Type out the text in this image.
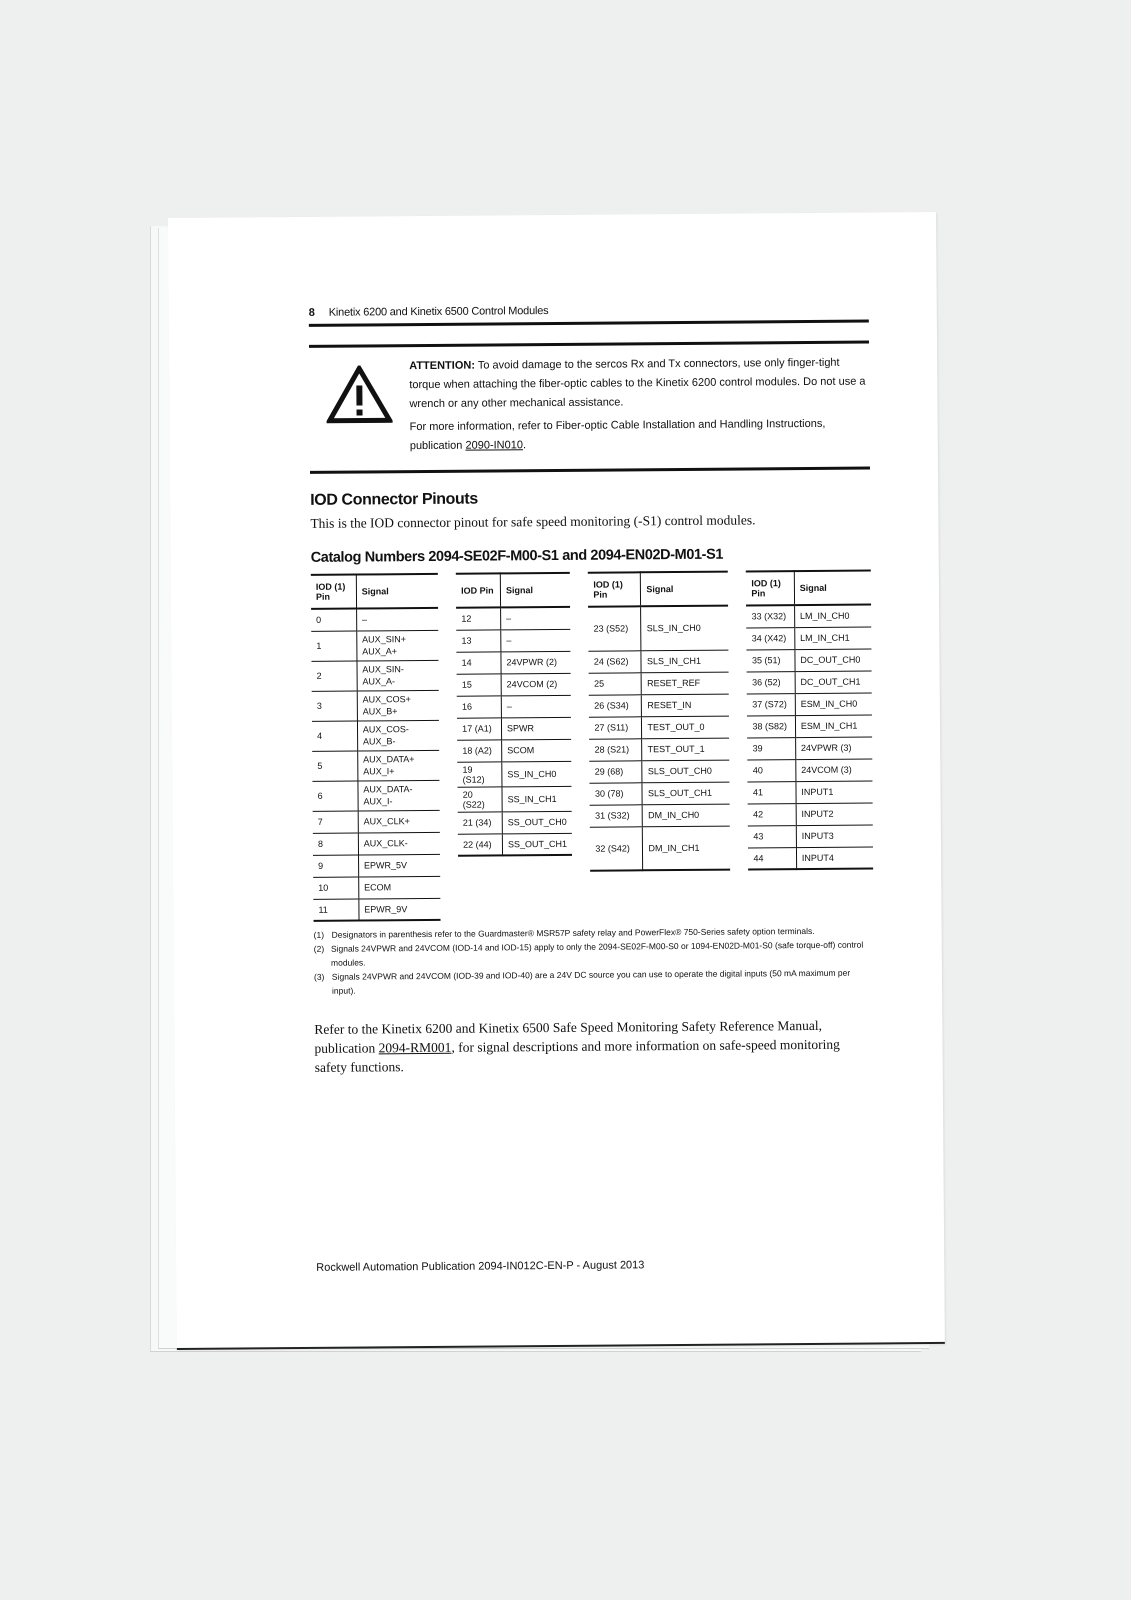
8	Kinetix 6200 and Kinetix 6500 Control Modules

ATTENTION: To avoid damage to the sercos Rx and Tx connectors, use only finger-tight torque when attaching the fiber-optic cables to the Kinetix 6200 control modules. Do not use a wrench or any other mechanical assistance.

For more information, refer to Fiber-optic Cable Installation and Handling Instructions, publication 2090-IN010.

IOD Connector Pinouts

This is the IOD connector pinout for safe speed monitoring (-S1) control modules.

Catalog Numbers 2094-SE02F-M00-S1 and 2094-EN02D-M01-S1
IOD (1) Pin	Signal
0	–

1	AUX_SIN+
AUX_A+

2	AUX_SIN-
AUX_A-

3	AUX_COS+
AUX_B+

4	AUX_COS-
AUX_B-

5	AUX_DATA+
AUX_I+

6	AUX_DATA-
AUX_I-

7	AUX_CLK+

8	AUX_CLK-

9	EPWR_5V

10	ECOM

11	EPWR_9V
IOD Pin	Signal
12	–

13	–

14	24VPWR (2)

15	24VCOM (2)

16	–

17 (A1)	SPWR

18 (A2)	SCOM

19 (S12)	SS_IN_CH0

20 (S22)	SS_IN_CH1

21 (34)	SS_OUT_CH0

22 (44)	SS_OUT_CH1
IOD (1) Pin	Signal
23 (S52)	SLS_IN_CH0

24 (S62)	SLS_IN_CH1

25	RESET_REF

26 (S34)	RESET_IN

27 (S11)	TEST_OUT_0

28 (S21)	TEST_OUT_1

29 (68)	SLS_OUT_CH0

30 (78)	SLS_OUT_CH1

31 (S32)	DM_IN_CH0

32 (S42)	DM_IN_CH1
IOD (1) Pin	Signal
33 (X32)	LM_IN_CH0

34 (X42)	LM_IN_CH1

35 (51)	DC_OUT_CH0

36 (52)	DC_OUT_CH1

37 (S72)	ESM_IN_CH0

38 (S82)	ESM_IN_CH1

39	24VPWR (3)

40	24VCOM (3)

41	INPUT1

42	INPUT2

43	INPUT3

44	INPUT4
(1) Designators in parenthesis refer to the Guardmaster® MSR57P safety relay and PowerFlex® 750-Series safety option terminals.
(2) Signals 24VPWR and 24VCOM (IOD-14 and IOD-15) apply to only the 2094-SE02F-M00-S0 or 1094-EN02D-M01-S0 (safe torque-off) control modules.
(3) Signals 24VPWR and 24VCOM (IOD-39 and IOD-40) are a 24V DC source you can use to operate the digital inputs (50 mA maximum per input).

Refer to the Kinetix 6200 and Kinetix 6500 Safe Speed Monitoring Safety Reference Manual, publication 2094-RM001, for signal descriptions and more information on safe-speed monitoring safety functions.

Rockwell Automation Publication 2094-IN012C-EN-P - August 2013
